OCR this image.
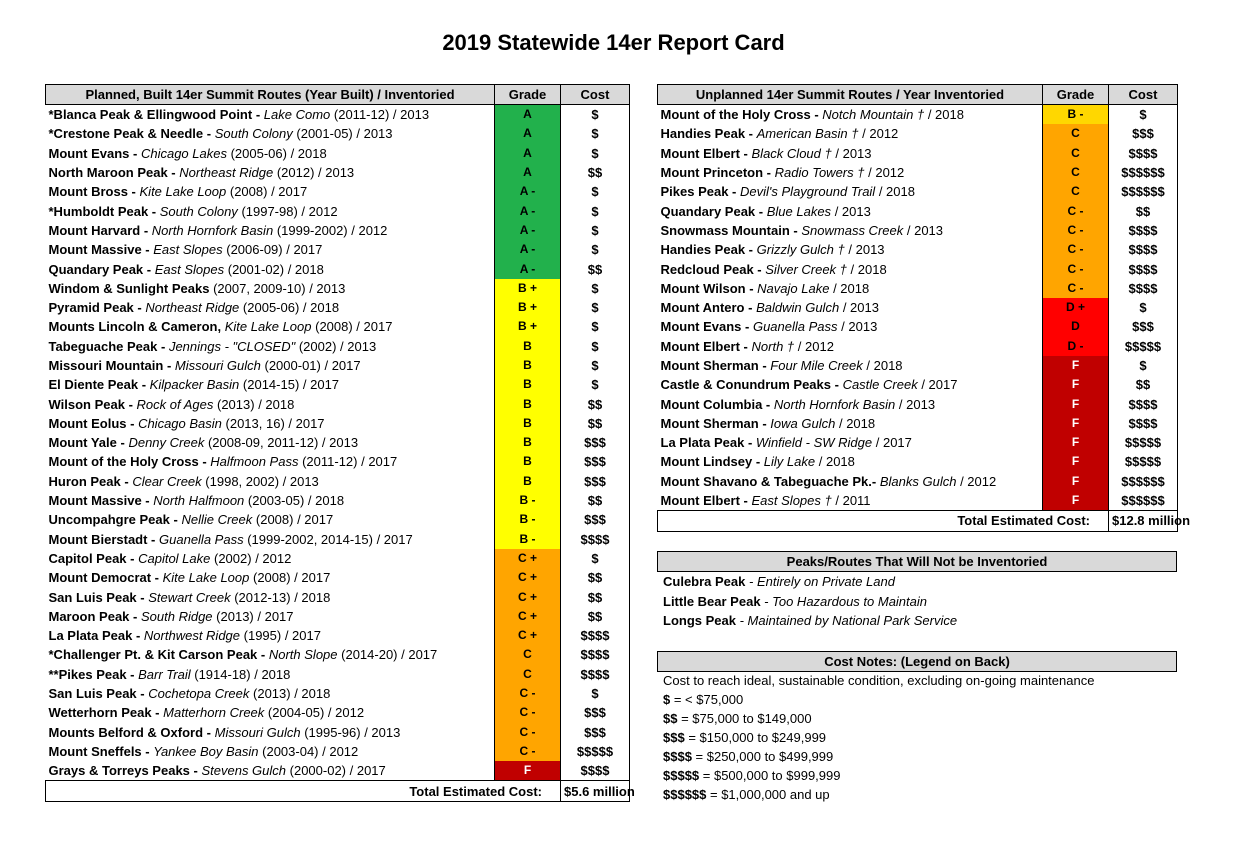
2019 Statewide 14er Report Card
Planned, Built 14er Summit Routes (Year Built) / Inventoried	Grade	Cost
*Blanca Peak & Ellingwood Point - Lake Como (2011-12) / 2013	A	$
*Crestone Peak & Needle - South Colony (2001-05) / 2013	A	$
Mount Evans - Chicago Lakes (2005-06) / 2018	A	$
North Maroon Peak - Northeast Ridge (2012) / 2013	A	$$
Mount Bross - Kite Lake Loop (2008) / 2017	A -	$
*Humboldt Peak - South Colony (1997-98) / 2012	A -	$
Mount Harvard - North Hornfork Basin (1999-2002) / 2012	A -	$
Mount Massive - East Slopes (2006-09) / 2017	A -	$
Quandary Peak - East Slopes (2001-02) / 2018	A -	$$
Windom & Sunlight Peaks (2007, 2009-10) / 2013	B +	$
Pyramid Peak - Northeast Ridge (2005-06) / 2018	B +	$
Mounts Lincoln & Cameron, Kite Lake Loop (2008) / 2017	B +	$
Tabeguache Peak - Jennings - "CLOSED" (2002) / 2013	B	$
Missouri Mountain - Missouri Gulch (2000-01) / 2017	B	$
El Diente Peak - Kilpacker Basin (2014-15) / 2017	B	$
Wilson Peak - Rock of Ages (2013) / 2018	B	$$
Mount Eolus - Chicago Basin (2013, 16) / 2017	B	$$
Mount Yale - Denny Creek (2008-09, 2011-12) / 2013	B	$$$
Mount of the Holy Cross - Halfmoon Pass (2011-12) / 2017	B	$$$
Huron Peak - Clear Creek (1998, 2002) / 2013	B	$$$
Mount Massive - North Halfmoon (2003-05) / 2018	B -	$$
Uncompahgre Peak - Nellie Creek (2008) / 2017	B -	$$$
Mount Bierstadt - Guanella Pass (1999-2002, 2014-15) / 2017	B -	$$$$
Capitol Peak - Capitol Lake (2002) / 2012	C +	$
Mount Democrat - Kite Lake Loop (2008) / 2017	C +	$$
San Luis Peak - Stewart Creek (2012-13) / 2018	C +	$$
Maroon Peak - South Ridge (2013) / 2017	C +	$$
La Plata Peak - Northwest Ridge (1995) / 2017	C +	$$$$
*Challenger Pt. & Kit Carson Peak - North Slope (2014-20) / 2017	C	$$$$
**Pikes Peak - Barr Trail (1914-18) / 2018	C	$$$$
San Luis Peak - Cochetopa Creek (2013) / 2018	C -	$
Wetterhorn Peak - Matterhorn Creek (2004-05) / 2012	C -	$$$
Mounts Belford & Oxford - Missouri Gulch (1995-96) / 2013	C -	$$$
Mount Sneffels - Yankee Boy Basin (2003-04) / 2012	C -	$$$$$
Grays & Torreys Peaks - Stevens Gulch (2000-02) / 2017	F	$$$$
Total Estimated Cost:		$5.6 million
Unplanned 14er Summit Routes / Year Inventoried	Grade	Cost
Mount of the Holy Cross - Notch Mountain † / 2018	B -	$
Handies Peak - American Basin † / 2012	C	$$$
Mount Elbert - Black Cloud † / 2013	C	$$$$
Mount Princeton - Radio Towers † / 2012	C	$$$$$$
Pikes Peak - Devil's Playground Trail / 2018	C	$$$$$$
Quandary Peak - Blue Lakes / 2013	C -	$$
Snowmass Mountain - Snowmass Creek / 2013	C -	$$$$
Handies Peak - Grizzly Gulch † / 2013	C -	$$$$
Redcloud Peak - Silver Creek † / 2018	C -	$$$$
Mount Wilson - Navajo Lake / 2018	C -	$$$$
Mount Antero - Baldwin Gulch / 2013	D +	$
Mount Evans - Guanella Pass / 2013	D	$$$
Mount Elbert - North † / 2012	D -	$$$$$
Mount Sherman - Four Mile Creek / 2018	F	$
Castle & Conundrum Peaks - Castle Creek / 2017	F	$$
Mount Columbia - North Hornfork Basin / 2013	F	$$$$
Mount Sherman - Iowa Gulch / 2018	F	$$$$
La Plata Peak - Winfield - SW Ridge / 2017	F	$$$$$
Mount Lindsey - Lily Lake / 2018	F	$$$$$
Mount Shavano & Tabeguache Pk.- Blanks Gulch / 2012	F	$$$$$$
Mount Elbert - East Slopes † / 2011	F	$$$$$$
Total Estimated Cost:		$12.8 million
Peaks/Routes That Will Not be Inventoried
Culebra Peak - Entirely on Private Land
Little Bear Peak - Too Hazardous to Maintain
Longs Peak - Maintained by National Park Service
Cost Notes: (Legend on Back)
Cost to reach ideal, sustainable condition, excluding on-going maintenance
$ = < $75,000
$$ = $75,000 to $149,000
$$$ = $150,000 to $249,999
$$$$ = $250,000 to $499,999
$$$$$ = $500,000 to $999,999
$$$$$$ = $1,000,000 and up
